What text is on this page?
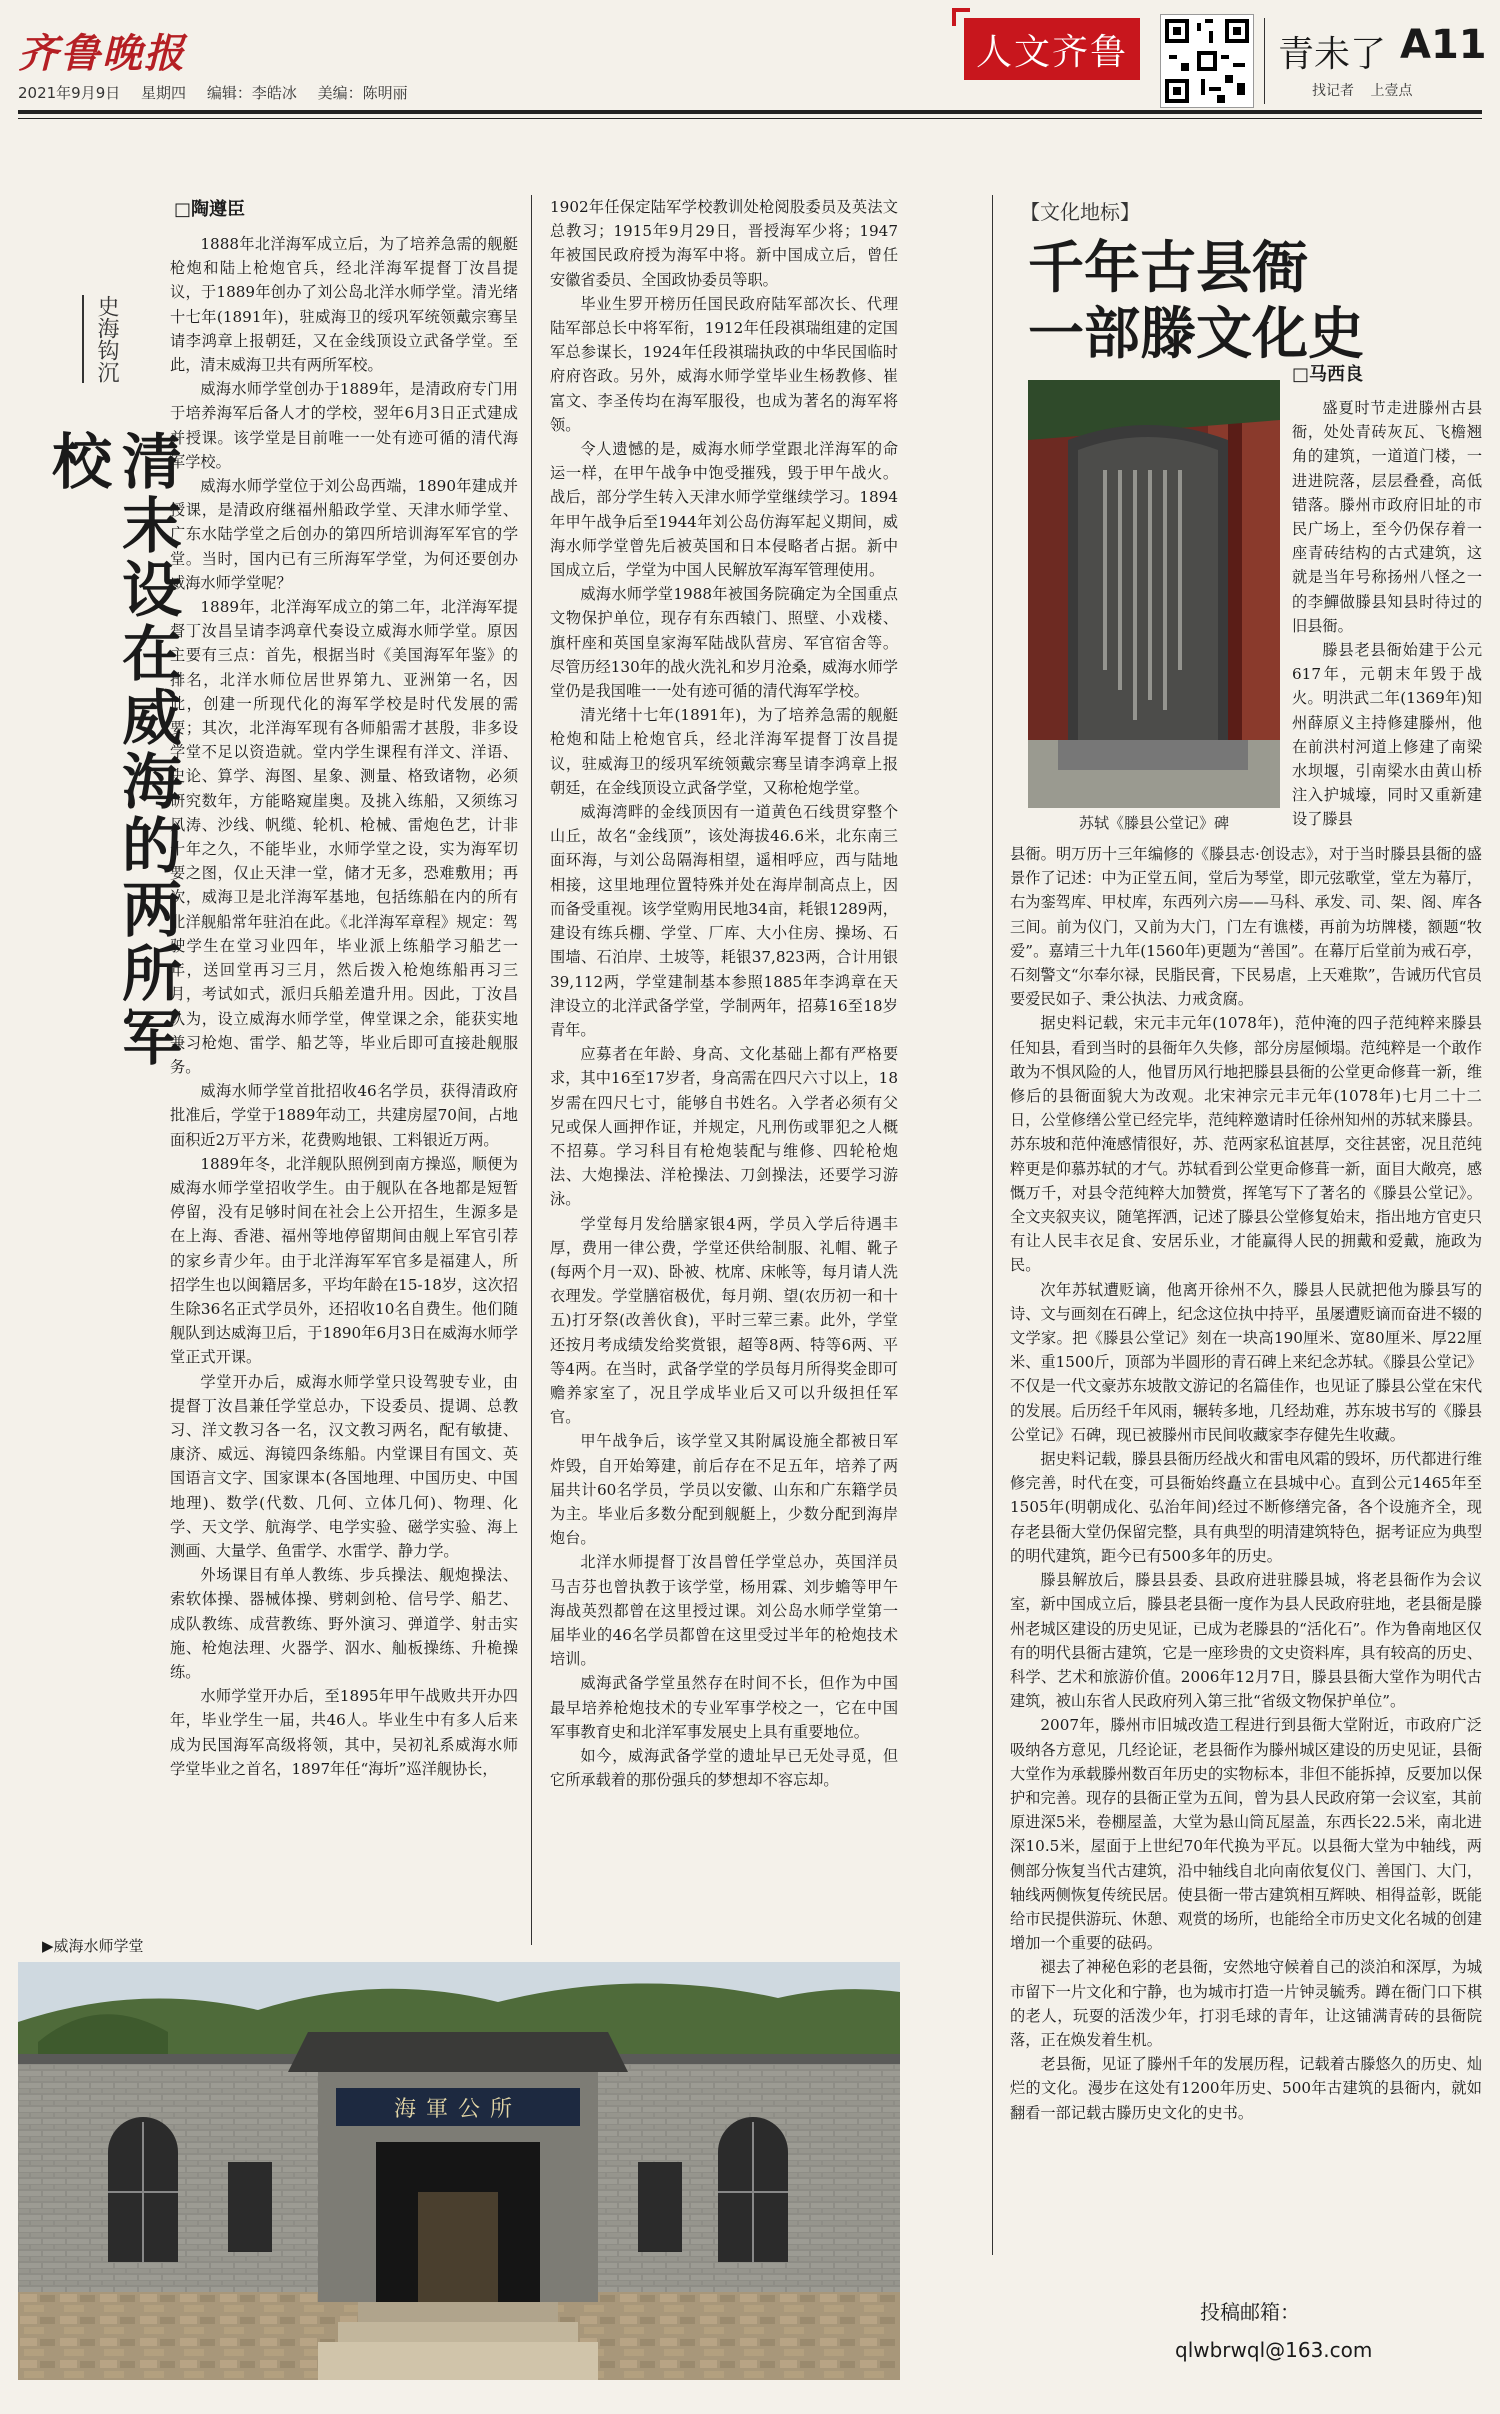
齐鲁晚报
2021年9月9日 星期四 编辑：李皓冰 美编：陈明丽
人文齐鲁	青未了 A11
找记者 上壹点
史海钩沉
清末设在威海的两所军校
□陶遵臣

1888年北洋海军成立后，为了培养急需的舰艇枪炮和陆上枪炮官兵，经北洋海军提督丁汝昌提议，于1889年创办了刘公岛北洋水师学堂。清光绪十七年(1891年)，驻威海卫的绥巩军统领戴宗骞呈请李鸿章上报朝廷，又在金线顶设立武备学堂。至此，清末威海卫共有两所军校。

威海水师学堂创办于1889年，是清政府专门用于培养海军后备人才的学校，翌年6月3日正式建成并授课。该学堂是目前唯一一处有迹可循的清代海军学校。

威海水师学堂位于刘公岛西端，1890年建成并授课，是清政府继福州船政学堂、天津水师学堂、广东水陆学堂之后创办的第四所培训海军军官的学堂。当时，国内已有三所海军学堂，为何还要创办威海水师学堂呢？

1889年，北洋海军成立的第二年，北洋海军提督丁汝昌呈请李鸿章代奏设立威海水师学堂。原因主要有三点：首先，根据当时《美国海军年鉴》的排名，北洋水师位居世界第九、亚洲第一名，因此，创建一所现代化的海军学校是时代发展的需要；其次，北洋海军现有各师船需才甚殷，非多设学堂不足以资造就。堂内学生课程有洋文、洋语、史论、算学、海图、星象、测量、格致诸物，必须研究数年，方能略窥崖奥。及挑入练船，又须练习风涛、沙线、帆缆、轮机、枪械、雷炮色艺，计非十年之久，不能毕业，水师学堂之设，实为海军切要之图，仅止天津一堂，储才无多，恐难敷用；再次，威海卫是北洋海军基地，包括练船在内的所有北洋舰船常年驻泊在此。《北洋海军章程》规定：驾驶学生在堂习业四年，毕业派上练船学习船艺一年，送回堂再习三月，然后拨入枪炮练船再习三月，考试如式，派归兵船差遣升用。因此，丁汝昌认为，设立威海水师学堂，俾堂课之余，能获实地兼习枪炮、雷学、船艺等，毕业后即可直接赴舰服务。

威海水师学堂首批招收46名学员，获得清政府批准后，学堂于1889年动工，共建房屋70间，占地面积近2万平方米，花费购地银、工料银近万两。

1889年冬，北洋舰队照例到南方操巡，顺便为威海水师学堂招收学生。由于舰队在各地都是短暂停留，没有足够时间在社会上公开招生，生源多是在上海、香港、福州等地停留期间由舰上军官引荐的家乡青少年。由于北洋海军军官多是福建人，所招学生也以闽籍居多，平均年龄在15-18岁，这次招生除36名正式学员外，还招收10名自费生。他们随舰队到达威海卫后，于1890年6月3日在威海水师学堂正式开课。

学堂开办后，威海水师学堂只设驾驶专业，由提督丁汝昌兼任学堂总办，下设委员、提调、总教习、洋文教习各一名，汉文教习两名，配有敏捷、康济、威远、海镜四条练船。内堂课目有国文、英国语言文字、国家课本(各国地理、中国历史、中国地理)、数学(代数、几何、立体几何)、物理、化学、天文学、航海学、电学实验、磁学实验、海上测画、大量学、鱼雷学、水雷学、静力学。

外场课目有单人教练、步兵操法、舰炮操法、索软体操、器械体操、劈刺剑枪、信号学、船艺、成队教练、成营教练、野外演习、弹道学、射击实施、枪炮法理、火器学、泅水、舢板操练、升桅操练。

水师学堂开办后，至1895年甲午战败共开办四年，毕业学生一届，共46人。毕业生中有多人后来成为民国海军高级将领，其中，吴初礼系威海水师学堂毕业之首名，1897年任“海圻”巡洋舰协长，

1902年任保定陆军学校教训处枪阅股委员及英法文总教习；1915年9月29日，晋授海军少将；1947年被国民政府授为海军中将。新中国成立后，曾任安徽省委员、全国政协委员等职。

毕业生罗开榜历任国民政府陆军部次长、代理陆军部总长中将军衔，1912年任段祺瑞组建的定国军总参谋长，1924年任段祺瑞执政的中华民国临时府府咨政。另外，威海水师学堂毕业生杨教修、崔富文、李圣传均在海军服役，也成为著名的海军将领。

令人遗憾的是，威海水师学堂跟北洋海军的命运一样，在甲午战争中饱受摧残，毁于甲午战火。战后，部分学生转入天津水师学堂继续学习。1894年甲午战争后至1944年刘公岛仿海军起义期间，威海水师学堂曾先后被英国和日本侵略者占据。新中国成立后，学堂为中国人民解放军海军管理使用。

威海水师学堂1988年被国务院确定为全国重点文物保护单位，现存有东西辕门、照壁、小戏楼、旗杆座和英国皇家海军陆战队营房、军官宿舍等。尽管历经130年的战火洗礼和岁月沧桑，威海水师学堂仍是我国唯一一处有迹可循的清代海军学校。

清光绪十七年(1891年)，为了培养急需的舰艇枪炮和陆上枪炮官兵，经北洋海军提督丁汝昌提议，驻威海卫的绥巩军统领戴宗骞呈请李鸿章上报朝廷，在金线顶设立武备学堂，又称枪炮学堂。

威海湾畔的金线顶因有一道黄色石线贯穿整个山丘，故名“金线顶”，该处海拔46.6米，北东南三面环海，与刘公岛隔海相望，遥相呼应，西与陆地相接，这里地理位置特殊并处在海岸制高点上，因而备受重视。该学堂购用民地34亩，耗银1289两，建设有练兵棚、学堂、厂库、大小住房、操场、石围墙、石泊岸、土坡等，耗银37,823两，合计用银39,112两，学堂建制基本参照1885年李鸿章在天津设立的北洋武备学堂，学制两年，招募16至18岁青年。

应募者在年龄、身高、文化基础上都有严格要求，其中16至17岁者，身高需在四尺六寸以上，18岁需在四尺七寸，能够自书姓名。入学者必须有父兄或保人画押作证，并规定，凡刑伤或罪犯之人概不招募。学习科目有枪炮装配与维修、四轮枪炮法、大炮操法、洋枪操法、刀剑操法，还要学习游泳。

学堂每月发给膳家银4两，学员入学后待遇丰厚，费用一律公费，学堂还供给制服、礼帽、靴子(每两个月一双)、卧被、枕席、床帐等，每月请人洗衣理发。学堂膳宿极优，每月朔、望(农历初一和十五)打牙祭(改善伙食)，平时三荤三素。此外，学堂还按月考成绩发给奖赏银，超等8两、特等6两、平等4两。在当时，武备学堂的学员每月所得奖金即可赡养家室了，况且学成毕业后又可以升级担任军官。

甲午战争后，该学堂又其附属设施全都被日军炸毁，自开始筹建，前后存在不足五年，培养了两届共计60名学员，学员以安徽、山东和广东籍学员为主。毕业后多数分配到舰艇上，少数分配到海岸炮台。

北洋水师提督丁汝昌曾任学堂总办，英国洋员马吉芬也曾执教于该学堂，杨用霖、刘步蟾等甲午海战英烈都曾在这里授过课。刘公岛水师学堂第一届毕业的46名学员都曾在这里受过半年的枪炮技术培训。

威海武备学堂虽然存在时间不长，但作为中国最早培养枪炮技术的专业军事学校之一，它在中国军事教育史和北洋军事发展史上具有重要地位。

如今，威海武备学堂的遗址早已无处寻觅，但它所承载着的那份强兵的梦想却不容忘却。

▶威海水师学堂
海軍公所
【文化地标】
千年古县衙
一部滕文化史
□马西良
苏轼《滕县公堂记》碑

盛夏时节走进滕州古县衙，处处青砖灰瓦、飞檐翘角的建筑，一道道门楼，一进进院落，层层叠叠，高低错落。滕州市政府旧址的市民广场上，至今仍保存着一座青砖结构的古式建筑，这就是当年号称扬州八怪之一的李鱓做滕县知县时待过的旧县衙。

滕县老县衙始建于公元617年，元朝末年毁于战火。明洪武二年(1369年)知州薛原义主持修建滕州，他在前洪村河道上修建了南梁水坝堰，引南梁水由黄山桥注入护城壕，同时又重新建设了滕县

县衙。明万历十三年编修的《滕县志·创设志》，对于当时滕县县衙的盛景作了记述：中为正堂五间，堂后为琴堂，即元弦歌堂，堂左为幕厅，右为銮驾库、甲杖库，东西列六房——马科、承发、司、架、阁、库各三间。前为仪门，又前为大门，门左有谯楼，再前为坊牌楼，额题“牧爱”。嘉靖三十九年(1560年)更题为“善国”。在幕厅后堂前为戒石亭，石刻警文“尔奉尔禄，民脂民膏，下民易虐，上天难欺”，告诫历代官员要爱民如子、秉公执法、力戒贪腐。

据史料记载，宋元丰元年(1078年)，范仲淹的四子范纯粹来滕县任知县，看到当时的县衙年久失修，部分房屋倾塌。范纯粹是一个敢作敢为不惧风险的人，他冒历风行地把滕县县衙的公堂更命修葺一新，维修后的县衙面貌大为改观。北宋神宗元丰元年(1078年)七月二十二日，公堂修缮公堂已经完毕，范纯粹邀请时任徐州知州的苏轼来滕县。苏东坡和范仲淹感情很好，苏、范两家私谊甚厚，交往甚密，况且范纯粹更是仰慕苏轼的才气。苏轼看到公堂更命修葺一新，面目大敞亮，感慨万千，对县令范纯粹大加赞赏，挥笔写下了著名的《滕县公堂记》。全文夹叙夹议，随笔挥洒，记述了滕县公堂修复始末，指出地方官吏只有让人民丰衣足食、安居乐业，才能赢得人民的拥戴和爱戴，施政为民。

次年苏轼遭贬谪，他离开徐州不久，滕县人民就把他为滕县写的诗、文与画刻在石碑上，纪念这位执中持平，虽屡遭贬谪而奋进不辍的文学家。把《滕县公堂记》刻在一块高190厘米、宽80厘米、厚22厘米、重1500斤，顶部为半圆形的青石碑上来纪念苏轼。《滕县公堂记》不仅是一代文豪苏东坡散文游记的名篇佳作，也见证了滕县公堂在宋代的发展。后历经千年风雨，辗转多地，几经劫难，苏东坡书写的《滕县公堂记》石碑，现已被滕州市民间收藏家李存健先生收藏。

据史料记载，滕县县衙历经战火和雷电风霜的毁坏，历代都进行维修完善，时代在变，可县衙始终矗立在县城中心。直到公元1465年至1505年(明朝成化、弘治年间)经过不断修缮完备，各个设施齐全，现存老县衙大堂仍保留完整，具有典型的明清建筑特色，据考证应为典型的明代建筑，距今已有500多年的历史。

滕县解放后，滕县县委、县政府进驻滕县城，将老县衙作为会议室，新中国成立后，滕县老县衙一度作为县人民政府驻地，老县衙是滕州老城区建设的历史见证，已成为老滕县的“活化石”。作为鲁南地区仅有的明代县衙古建筑，它是一座珍贵的文史资料库，具有较高的历史、科学、艺术和旅游价值。2006年12月7日，滕县县衙大堂作为明代古建筑，被山东省人民政府列入第三批“省级文物保护单位”。

2007年，滕州市旧城改造工程进行到县衙大堂附近，市政府广泛吸纳各方意见，几经论证，老县衙作为滕州城区建设的历史见证，县衙大堂作为承载滕州数百年历史的实物标本，非但不能拆掉，反要加以保护和完善。现存的县衙正堂为五间，曾为县人民政府第一会议室，其前原进深5米，卷棚屋盖，大堂为悬山筒瓦屋盖，东西长22.5米，南北进深10.5米，屋面于上世纪70年代换为平瓦。以县衙大堂为中轴线，两侧部分恢复当代古建筑，沿中轴线自北向南依复仪门、善国门、大门，轴线两侧恢复传统民居。使县衙一带古建筑相互辉映、相得益彰，既能给市民提供游玩、休憩、观赏的场所，也能给全市历史文化名城的创建增加一个重要的砝码。

褪去了神秘色彩的老县衙，安然地守候着自己的淡泊和深厚，为城市留下一片文化和宁静，也为城市打造一片钟灵毓秀。蹲在衙门口下棋的老人，玩耍的活泼少年，打羽毛球的青年，让这铺满青砖的县衙院落，正在焕发着生机。

老县衙，见证了滕州千年的发展历程，记载着古滕悠久的历史、灿烂的文化。漫步在这处有1200年历史、500年古建筑的县衙内，就如翻看一部记载古滕历史文化的史书。

投稿邮箱：
qlwbrwql@163.com
